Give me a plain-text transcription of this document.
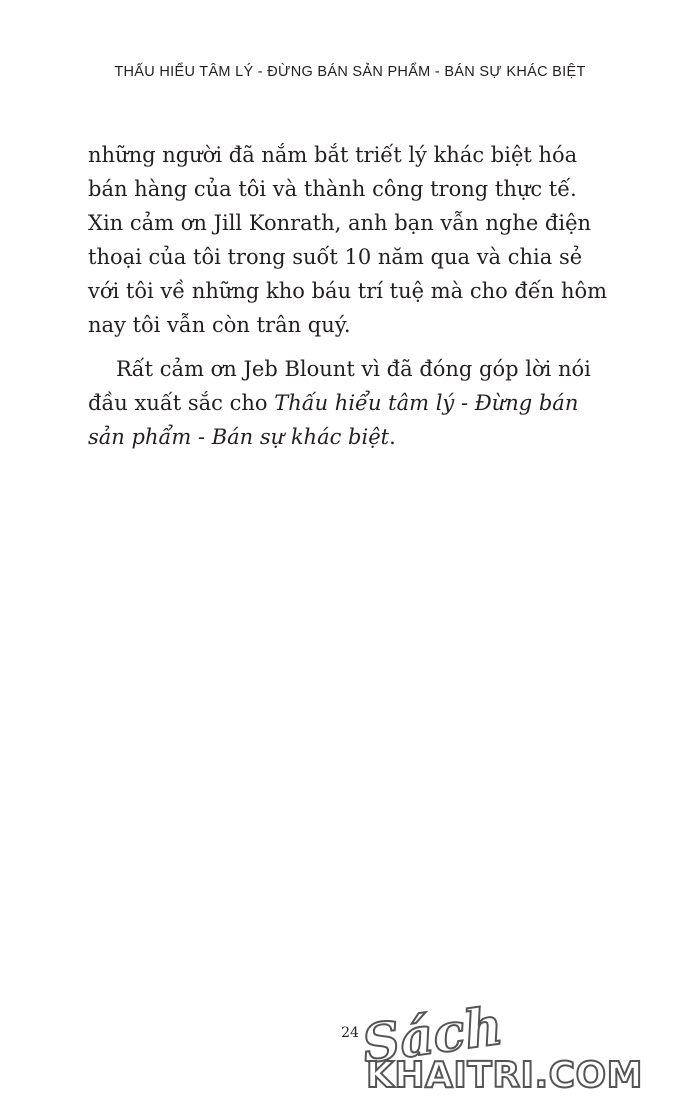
THẤU HIỂU TÂM LÝ - ĐỪNG BÁN SẢN PHẨM - BÁN SỰ KHÁC BIỆT

những người đã nắm bắt triết lý khác biệt hóa bán hàng của tôi và thành công trong thực tế. Xin cảm ơn Jill Konrath, anh bạn vẫn nghe điện thoại của tôi trong suốt 10 năm qua và chia sẻ với tôi về những kho báu trí tuệ mà cho đến hôm nay tôi vẫn còn trân quý.

Rất cảm ơn Jeb Blount vì đã đóng góp lời nói đầu xuất sắc cho Thấu hiểu tâm lý - Đừng bán sản phẩm - Bán sự khác biệt.

24 Sách
KHAITRI.COM
